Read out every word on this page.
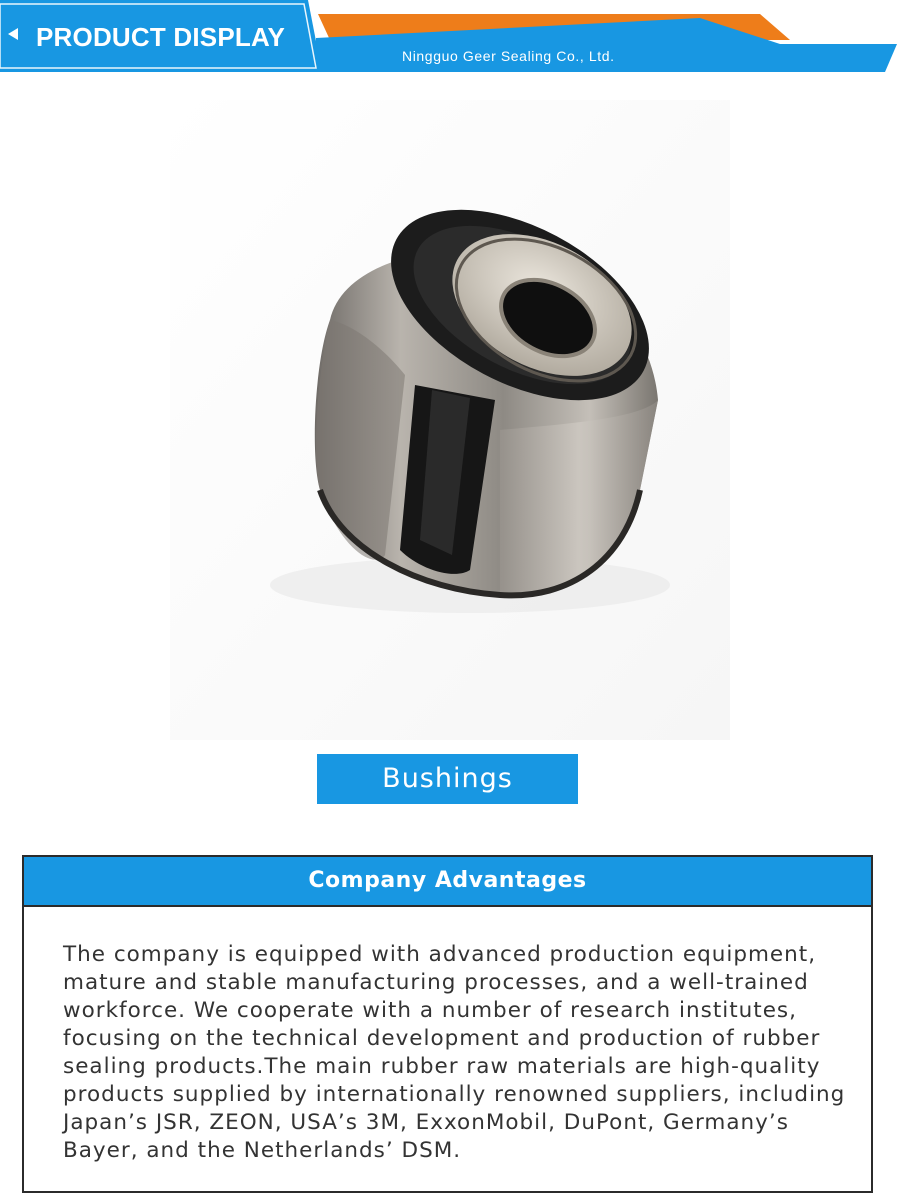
PRODUCT DISPLAY
Ningguo Geer Sealing Co., Ltd.
Bushings
Company Advantages

The company is equipped with advanced production equipment, mature and stable manufacturing processes, and a well-trained workforce. We cooperate with a number of research institutes, focusing on the technical development and production of rubber sealing products.The main rubber raw materials are high-quality products supplied by internationally renowned suppliers, including Japan’s JSR, ZEON, USA’s 3M, ExxonMobil, DuPont, Germany’s Bayer, and the Netherlands’ DSM.
